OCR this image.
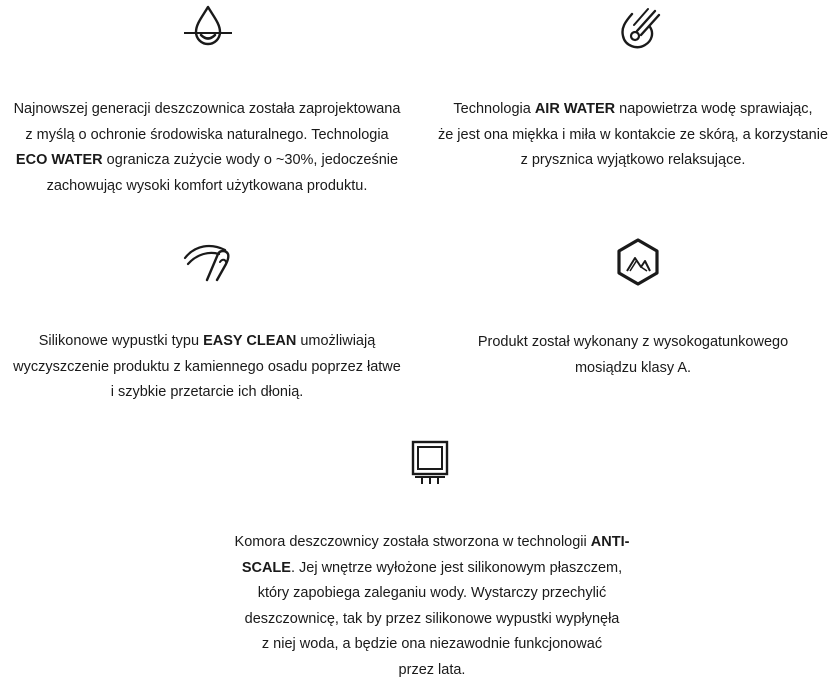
Najnowszej generacji deszczownica została zaprojektowana
z myślą o ochronie środowiska naturalnego. Technologia
ECO WATER ogranicza zużycie wody o ~30%, jedocześnie
zachowując wysoki komfort użytkowana produktu.
Technologia AIR WATER napowietrza wodę sprawiając,
że jest ona miękka i miła w kontakcie ze skórą, a korzystanie
z prysznica wyjątkowo relaksujące.
Silikonowe wypustki typu EASY CLEAN umożliwiają
wyczyszczenie produktu z kamiennego osadu poprzez łatwe
i szybkie przetarcie ich dłonią.
Produkt został wykonany z wysokogatunkowego
mosiądzu klasy A.
Komora deszczownicy została stworzona w technologii ANTI-
SCALE. Jej wnętrze wyłożone jest silikonowym płaszczem,
który zapobiega zaleganiu wody. Wystarczy przechylić
deszczownicę, tak by przez silikonowe wypustki wypłynęła
z niej woda, a będzie ona niezawodnie funkcjonować
przez lata.
